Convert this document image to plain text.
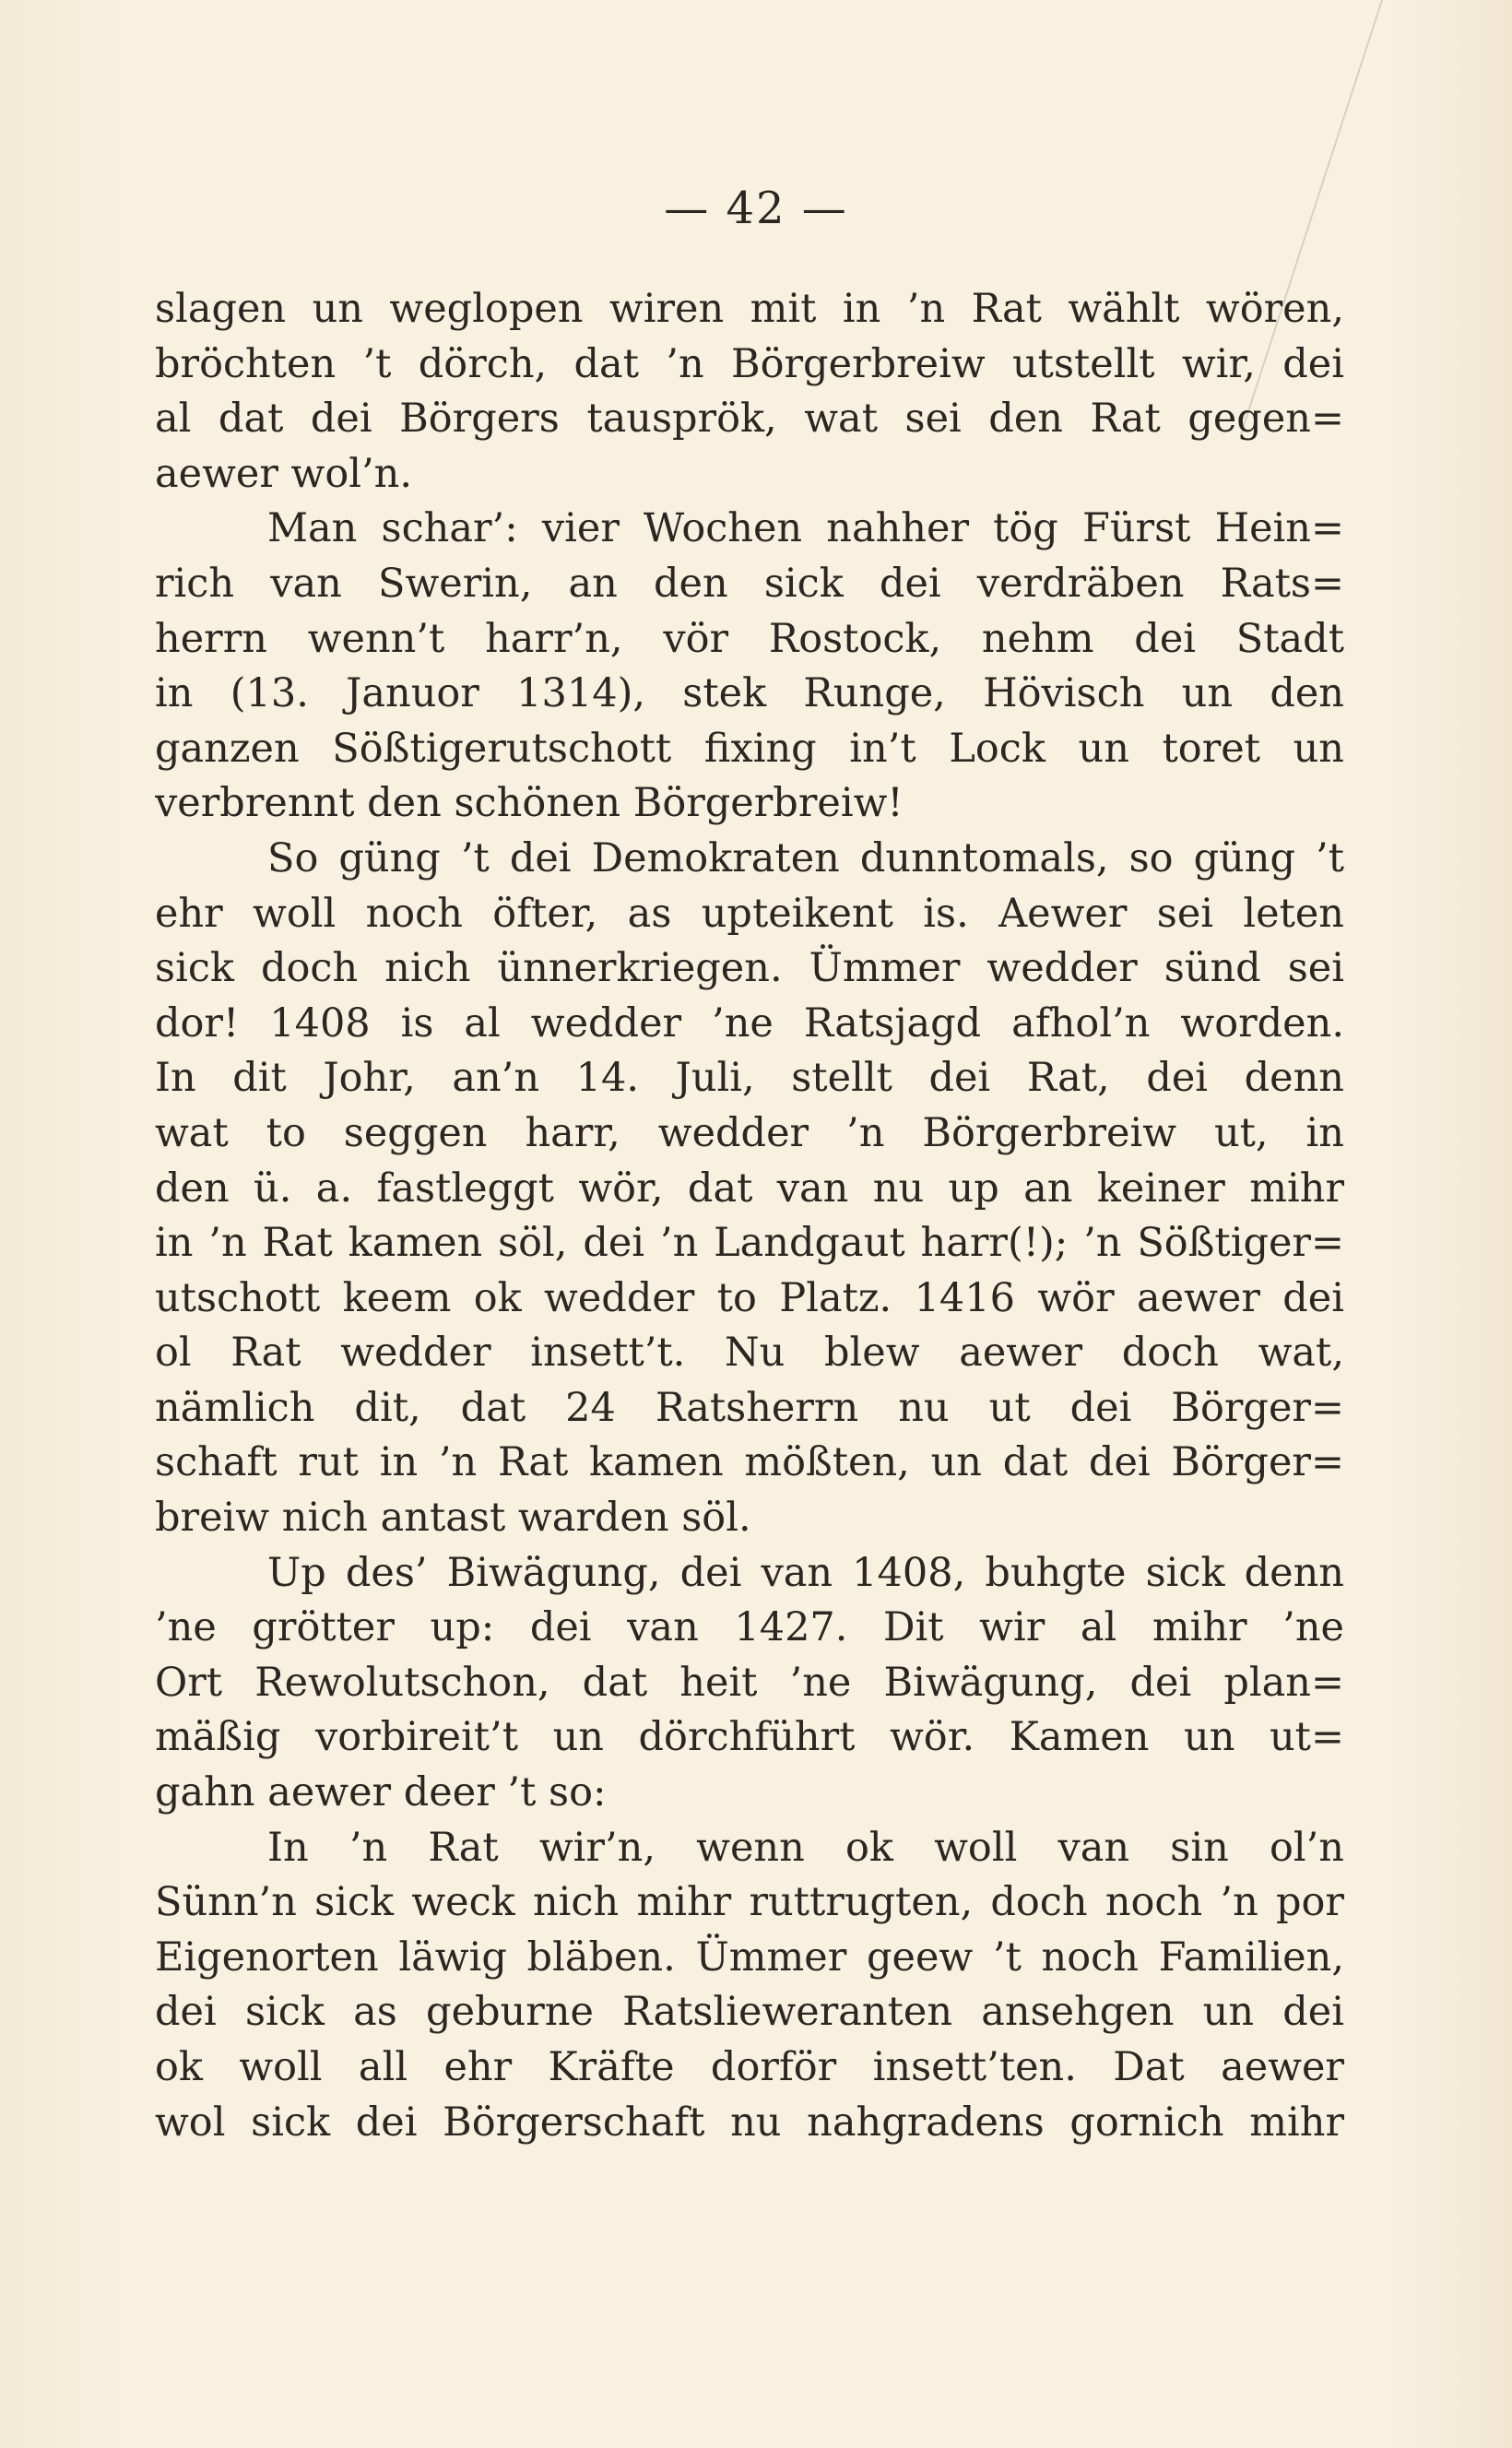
— 42 —
slagen un weglopen wiren mit in ’n Rat wählt wören,
bröchten ’t dörch, dat ’n Börgerbreiw utstellt wir, dei
al dat dei Börgers tausprök, wat sei den Rat gegen=
aewer wol’n.
Man schar’: vier Wochen nahher tög Fürst Hein=
rich van Swerin, an den sick dei verdräben Rats=
herrn wenn’t harr’n, vör Rostock, nehm dei Stadt
in (13. Januor 1314), stek Runge, Hövisch un den
ganzen Sößtigerutschott fixing in’t Lock un toret un
verbrennt den schönen Börgerbreiw!
So güng ’t dei Demokraten dunntomals, so güng ’t
ehr woll noch öfter, as upteikent is. Aewer sei leten
sick doch nich ünnerkriegen. Ümmer wedder sünd sei
dor! 1408 is al wedder ’ne Ratsjagd afhol’n worden.
In dit Johr, an’n 14. Juli, stellt dei Rat, dei denn
wat to seggen harr, wedder ’n Börgerbreiw ut, in
den ü. a. fastleggt wör, dat van nu up an keiner mihr
in ’n Rat kamen söl, dei ’n Landgaut harr(!); ’n Sößtiger=
utschott keem ok wedder to Platz. 1416 wör aewer dei
ol Rat wedder insett’t. Nu blew aewer doch wat,
nämlich dit, dat 24 Ratsherrn nu ut dei Börger=
schaft rut in ’n Rat kamen mößten, un dat dei Börger=
breiw nich antast warden söl.
Up des’ Biwägung, dei van 1408, buhgte sick denn
’ne grötter up: dei van 1427. Dit wir al mihr ’ne
Ort Rewolutschon, dat heit ’ne Biwägung, dei plan=
mäßig vorbireit’t un dörchführt wör. Kamen un ut=
gahn aewer deer ’t so:
In ’n Rat wir’n, wenn ok woll van sin ol’n
Sünn’n sick weck nich mihr ruttrugten, doch noch ’n por
Eigenorten läwig bläben. Ümmer geew ’t noch Familien,
dei sick as geburne Ratslieweranten ansehgen un dei
ok woll all ehr Kräfte dorför insett’ten. Dat aewer
wol sick dei Börgerschaft nu nahgradens gornich mihr
